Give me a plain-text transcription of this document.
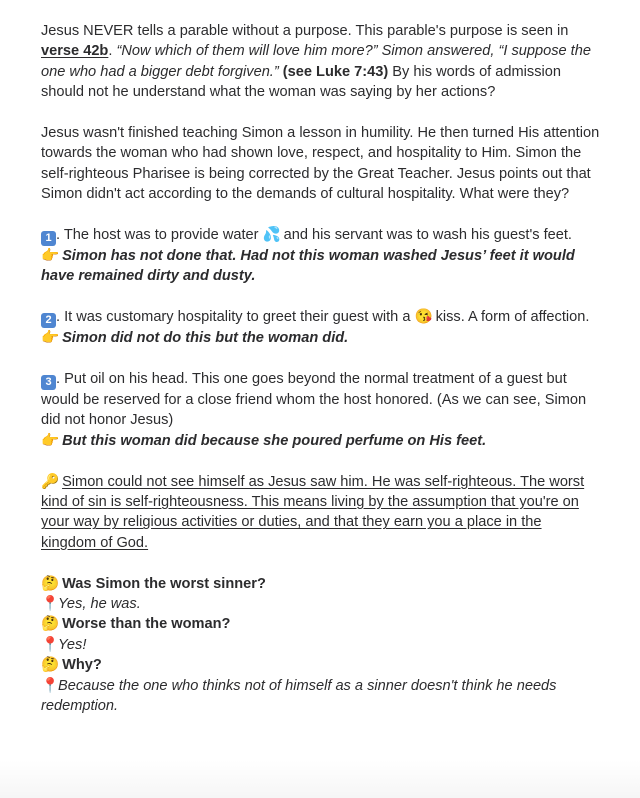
Jesus NEVER tells a parable without a purpose. This parable's purpose is seen in verse 42b. “Now which of them will love him more?” Simon answered, “I suppose the one who had a bigger debt forgiven.” (see Luke 7:43) By his words of admission should not he understand what the woman was saying by her actions?

Jesus wasn't finished teaching Simon a lesson in humility. He then turned His attention towards the woman who had shown love, respect, and hospitality to Him. Simon the self-righteous Pharisee is being corrected by the Great Teacher. Jesus points out that Simon didn't act according to the demands of cultural hospitality. What were they?

1 . The host was to provide water 💦 and his servant was to wash his guest's feet.

👉 Simon has not done that. Had not this woman washed Jesus’ feet it would have remained dirty and dusty.

2 . It was customary hospitality to greet their guest with a 😘 kiss. A form of affection.

👉 Simon did not do this but the woman did.

3 . Put oil on his head. This one goes beyond the normal treatment of a guest but would be reserved for a close friend whom the host honored. (As we can see, Simon did not honor Jesus)

👉 But this woman did because she poured perfume on His feet.

🔑 Simon could not see himself as Jesus saw him. He was self-righteous. The worst kind of sin is self-righteousness. This means living by the assumption that you're on your way by religious activities or duties, and that they earn you a place in the kingdom of God.

🤔 Was Simon the worst sinner?

📍Yes, he was.

🤔 Worse than the woman?

📍Yes!

🤔 Why?

📍Because the one who thinks not of himself as a sinner doesn't think he needs redemption.
